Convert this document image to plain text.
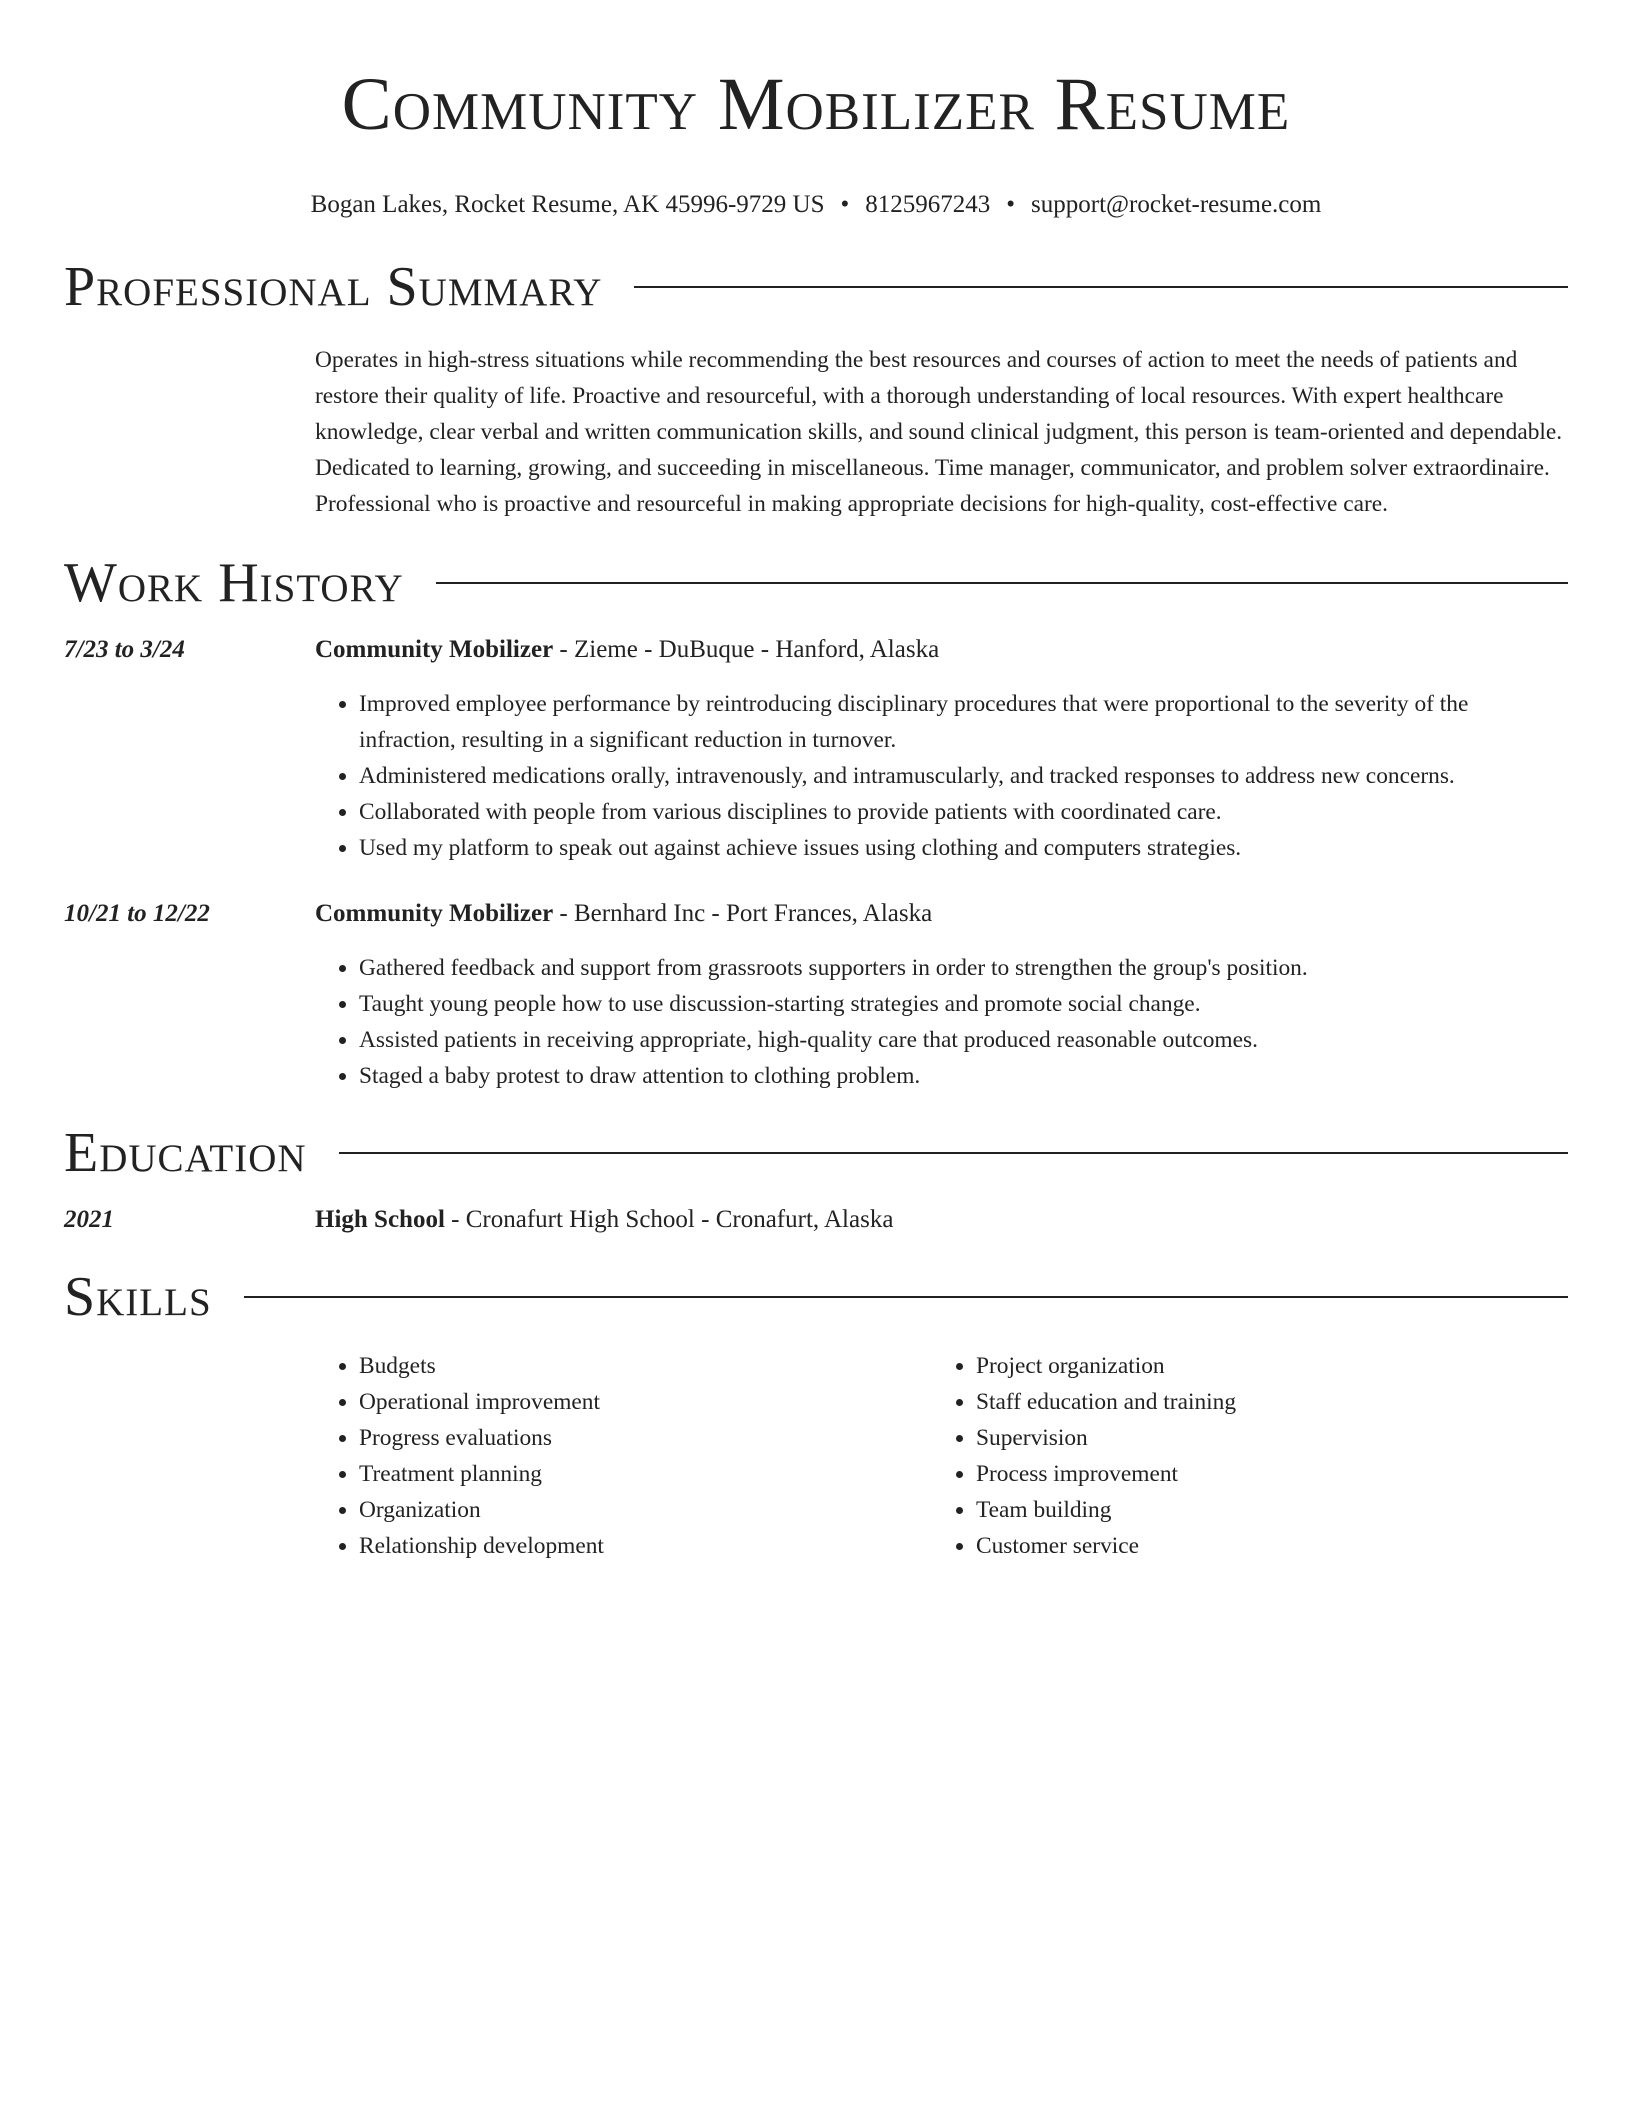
Community Mobilizer Resume
Bogan Lakes, Rocket Resume, AK 45996-9729 US • 8125967243 • support@rocket-resume.com
Professional Summary
Operates in high-stress situations while recommending the best resources and courses of action to meet the needs of patients and restore their quality of life. Proactive and resourceful, with a thorough understanding of local resources. With expert healthcare knowledge, clear verbal and written communication skills, and sound clinical judgment, this person is team-oriented and dependable. Dedicated to learning, growing, and succeeding in miscellaneous. Time manager, communicator, and problem solver extraordinaire. Professional who is proactive and resourceful in making appropriate decisions for high-quality, cost-effective care.
Work History
7/23 to 3/24	Community Mobilizer - Zieme - DuBuque - Hanford, Alaska
• Improved employee performance by reintroducing disciplinary procedures that were proportional to the severity of the infraction, resulting in a significant reduction in turnover.
• Administered medications orally, intravenously, and intramuscularly, and tracked responses to address new concerns.
• Collaborated with people from various disciplines to provide patients with coordinated care.
• Used my platform to speak out against achieve issues using clothing and computers strategies.
10/21 to 12/22	Community Mobilizer - Bernhard Inc - Port Frances, Alaska
• Gathered feedback and support from grassroots supporters in order to strengthen the group's position.
• Taught young people how to use discussion-starting strategies and promote social change.
• Assisted patients in receiving appropriate, high-quality care that produced reasonable outcomes.
• Staged a baby protest to draw attention to clothing problem.
Education
2021	High School - Cronafurt High School - Cronafurt, Alaska
Skills
• Budgets
• Operational improvement
• Progress evaluations
• Treatment planning
• Organization
• Relationship development
• Project organization
• Staff education and training
• Supervision
• Process improvement
• Team building
• Customer service
